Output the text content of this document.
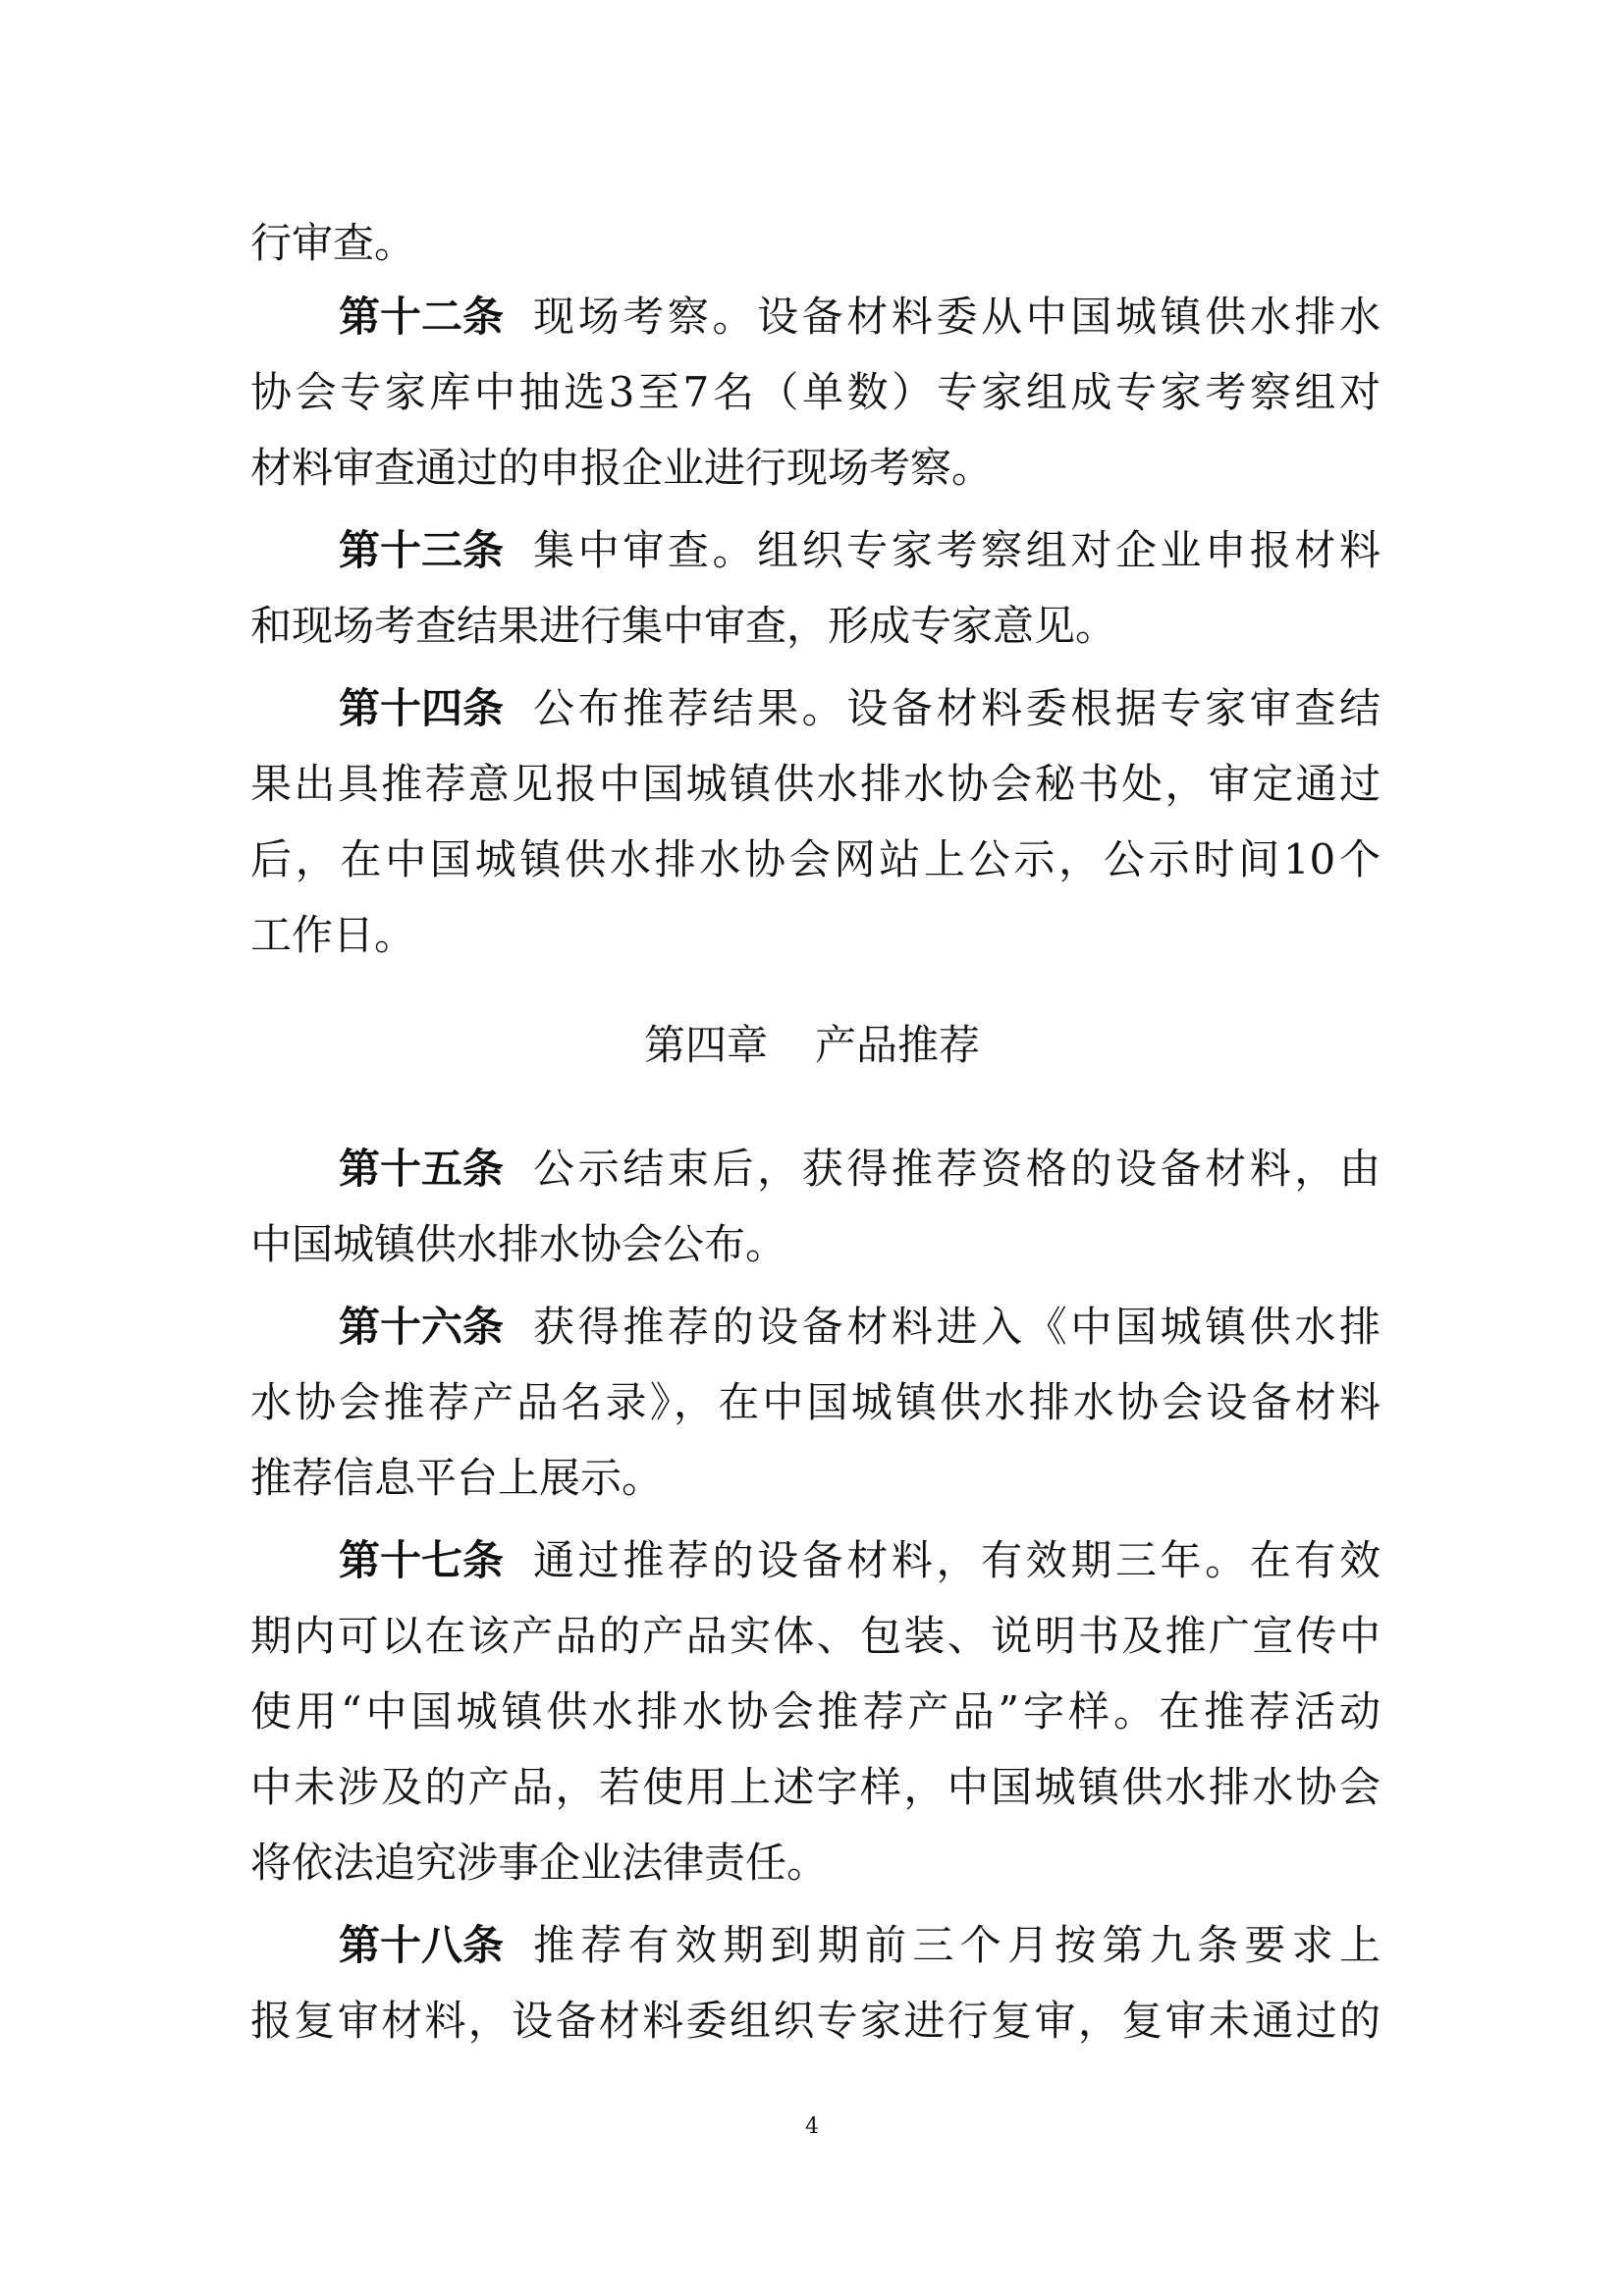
行审查。
第十二条 现场考察。设备材料委从中国城镇供水排水
协会专家库中抽选3至7名（单数）专家组成专家考察组对
材料审查通过的申报企业进行现场考察。
第十三条 集中审查。组织专家考察组对企业申报材料
和现场考查结果进行集中审查，形成专家意见。
第十四条 公布推荐结果。设备材料委根据专家审查结
果出具推荐意见报中国城镇供水排水协会秘书处，审定通过
后，在中国城镇供水排水协会网站上公示，公示时间10个
工作日。
第四章 产品推荐
第十五条 公示结束后，获得推荐资格的设备材料，由
中国城镇供水排水协会公布。
第十六条 获得推荐的设备材料进入《中国城镇供水排
水协会推荐产品名录》，在中国城镇供水排水协会设备材料
推荐信息平台上展示。
第十七条 通过推荐的设备材料，有效期三年。在有效
期内可以在该产品的产品实体、包装、说明书及推广宣传中
使用“中国城镇供水排水协会推荐产品”字样。在推荐活动
中未涉及的产品，若使用上述字样，中国城镇供水排水协会
将依法追究涉事企业法律责任。
第十八条 推荐有效期到期前三个月按第九条要求上
报复审材料，设备材料委组织专家进行复审，复审未通过的
4
